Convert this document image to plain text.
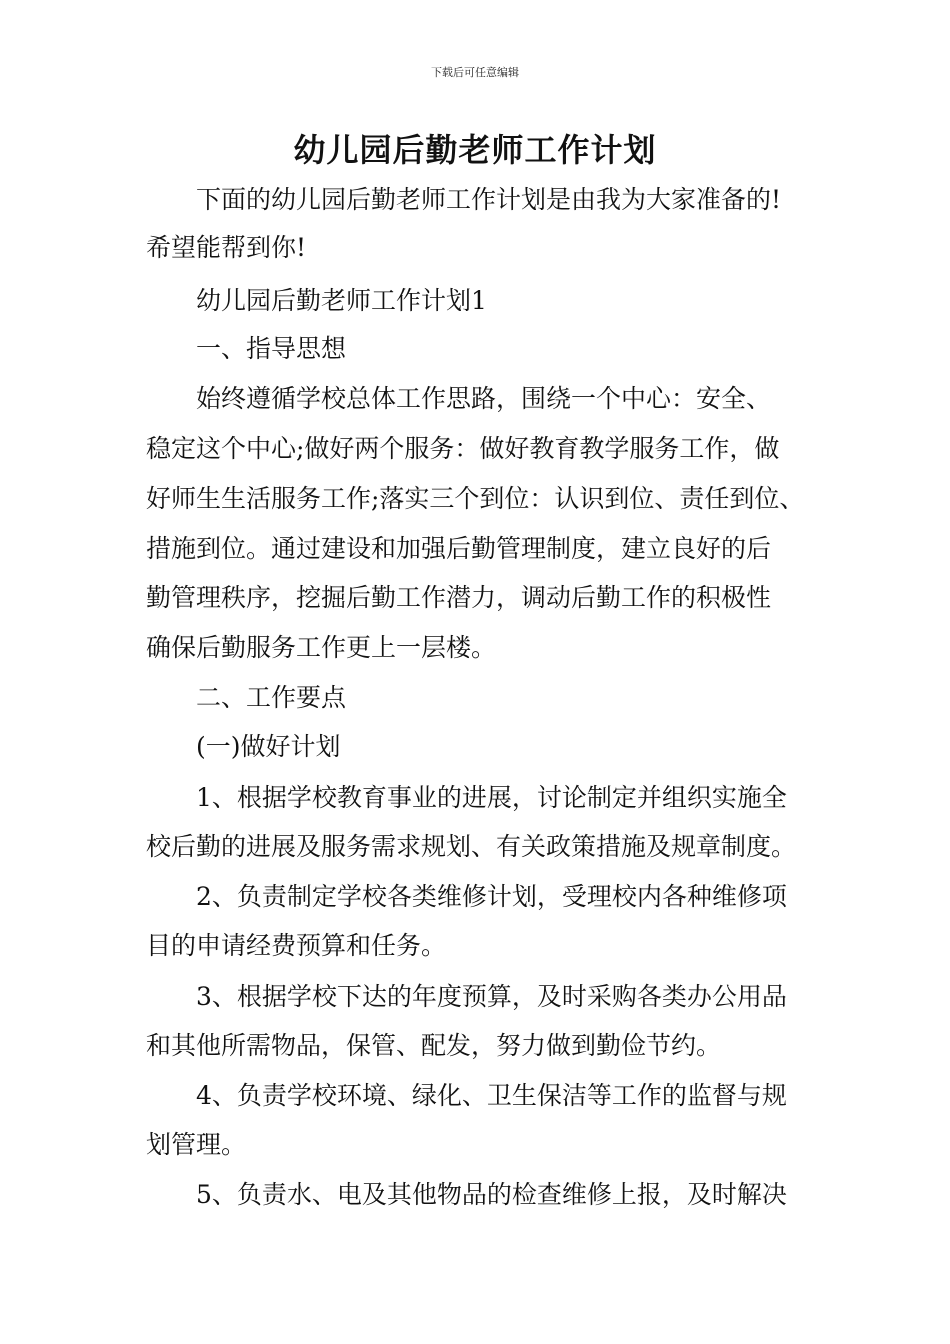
下载后可任意编辑
幼儿园后勤老师工作计划

下面的幼儿园后勤老师工作计划是由我为大家准备的!

希望能帮到你!

幼儿园后勤老师工作计划1

一、指导思想

始终遵循学校总体工作思路，围绕一个中心：安全、

稳定这个中心;做好两个服务：做好教育教学服务工作，做

好师生生活服务工作;落实三个到位：认识到位、责任到位、

措施到位。通过建设和加强后勤管理制度，建立良好的后

勤管理秩序，挖掘后勤工作潜力，调动后勤工作的积极性

确保后勤服务工作更上一层楼。

二、工作要点

(一)做好计划

1、根据学校教育事业的进展，讨论制定并组织实施全

校后勤的进展及服务需求规划、有关政策措施及规章制度。

2、负责制定学校各类维修计划，受理校内各种维修项

目的申请经费预算和任务。

3、根据学校下达的年度预算，及时采购各类办公用品

和其他所需物品，保管、配发，努力做到勤俭节约。

4、负责学校环境、绿化、卫生保洁等工作的监督与规

划管理。

5、负责水、电及其他物品的检查维修上报，及时解决
